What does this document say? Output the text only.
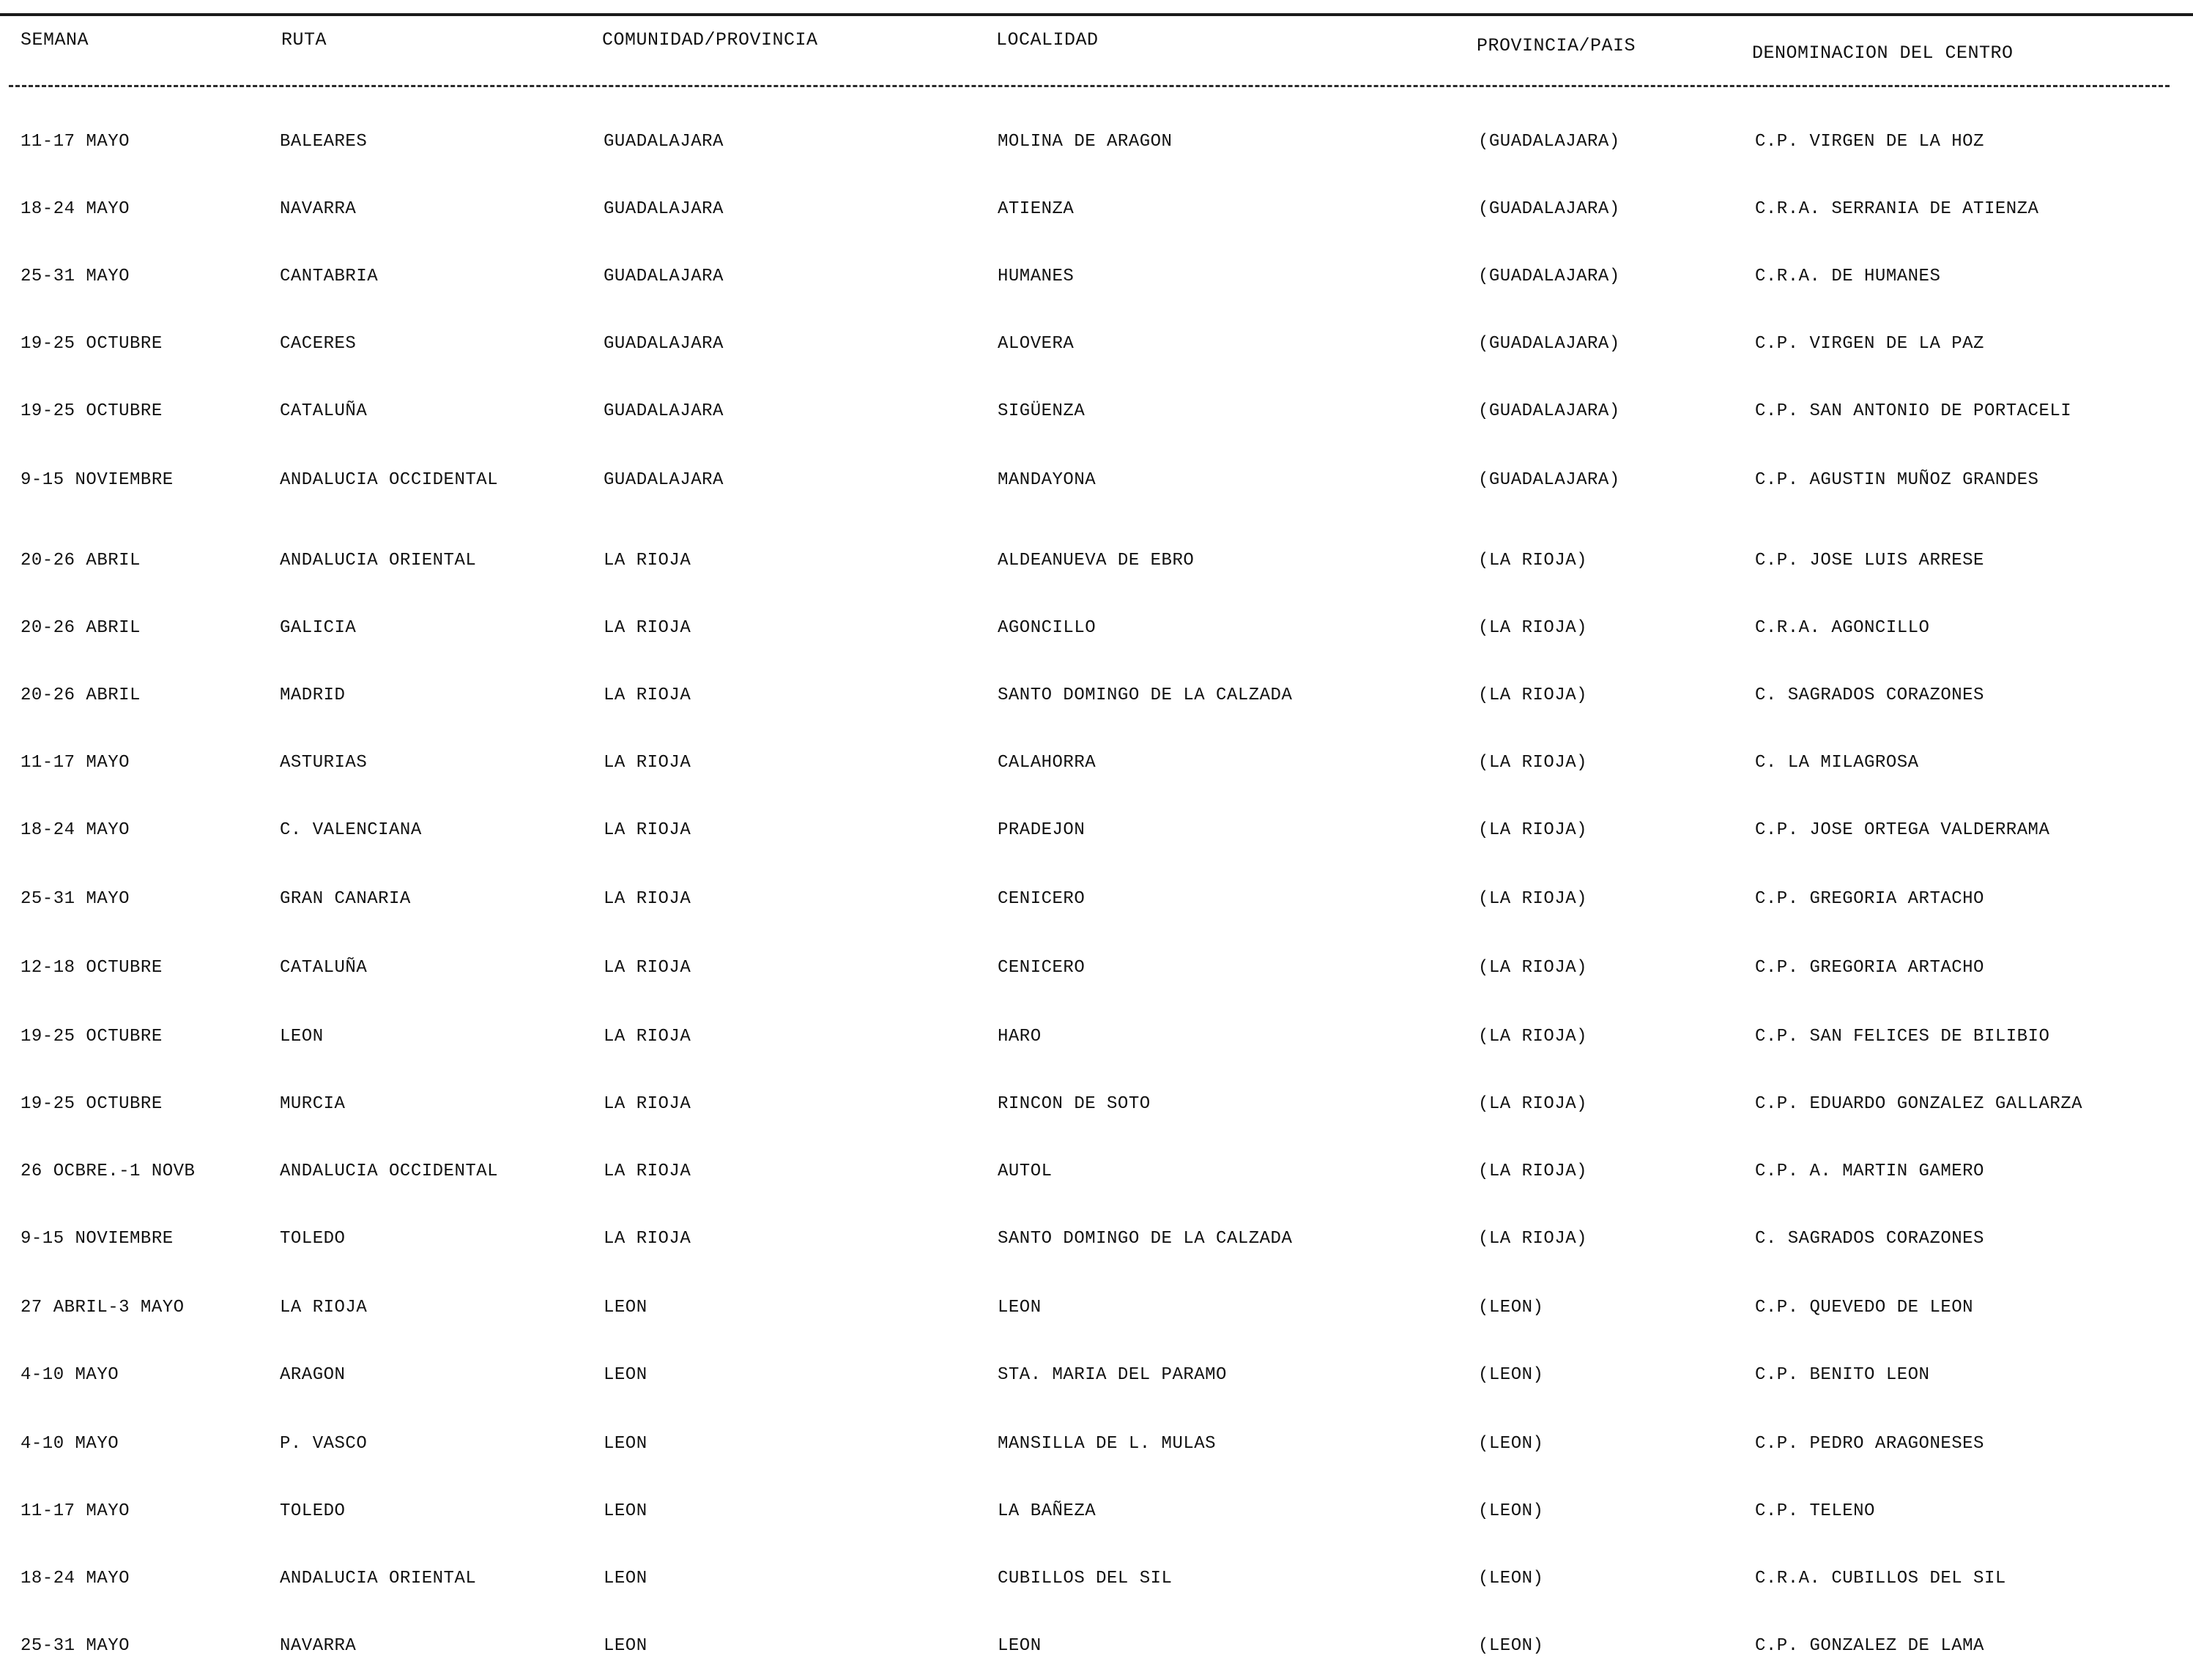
SEMANA	RUTA	COMUNIDAD/PROVINCIA	LOCALIDAD	PROVINCIA/PAIS	DENOMINACION DEL CENTRO
11-17 MAYO	BALEARES	GUADALAJARA	MOLINA DE ARAGON	(GUADALAJARA)	C.P. VIRGEN DE LA HOZ
18-24 MAYO	NAVARRA	GUADALAJARA	ATIENZA	(GUADALAJARA)	C.R.A. SERRANIA DE ATIENZA
25-31 MAYO	CANTABRIA	GUADALAJARA	HUMANES	(GUADALAJARA)	C.R.A. DE HUMANES
19-25 OCTUBRE	CACERES	GUADALAJARA	ALOVERA	(GUADALAJARA)	C.P. VIRGEN DE LA PAZ
19-25 OCTUBRE	CATALUÑA	GUADALAJARA	SIGÜENZA	(GUADALAJARA)	C.P. SAN ANTONIO DE PORTACELI
9-15 NOVIEMBRE	ANDALUCIA OCCIDENTAL	GUADALAJARA	MANDAYONA	(GUADALAJARA)	C.P. AGUSTIN MUÑOZ GRANDES
20-26 ABRIL	ANDALUCIA ORIENTAL	LA RIOJA	ALDEANUEVA DE EBRO	(LA RIOJA)	C.P. JOSE LUIS ARRESE
20-26 ABRIL	GALICIA	LA RIOJA	AGONCILLO	(LA RIOJA)	C.R.A. AGONCILLO
20-26 ABRIL	MADRID	LA RIOJA	SANTO DOMINGO DE LA CALZADA	(LA RIOJA)	C. SAGRADOS CORAZONES
11-17 MAYO	ASTURIAS	LA RIOJA	CALAHORRA	(LA RIOJA)	C. LA MILAGROSA
18-24 MAYO	C. VALENCIANA	LA RIOJA	PRADEJON	(LA RIOJA)	C.P. JOSE ORTEGA VALDERRAMA
25-31 MAYO	GRAN CANARIA	LA RIOJA	CENICERO	(LA RIOJA)	C.P. GREGORIA ARTACHO
12-18 OCTUBRE	CATALUÑA	LA RIOJA	CENICERO	(LA RIOJA)	C.P. GREGORIA ARTACHO
19-25 OCTUBRE	LEON	LA RIOJA	HARO	(LA RIOJA)	C.P. SAN FELICES DE BILIBIO
19-25 OCTUBRE	MURCIA	LA RIOJA	RINCON DE SOTO	(LA RIOJA)	C.P. EDUARDO GONZALEZ GALLARZA
26 OCBRE.-1 NOVB	ANDALUCIA OCCIDENTAL	LA RIOJA	AUTOL	(LA RIOJA)	C.P. A. MARTIN GAMERO
9-15 NOVIEMBRE	TOLEDO	LA RIOJA	SANTO DOMINGO DE LA CALZADA	(LA RIOJA)	C. SAGRADOS CORAZONES
27 ABRIL-3 MAYO	LA RIOJA	LEON	LEON	(LEON)	C.P. QUEVEDO DE LEON
4-10 MAYO	ARAGON	LEON	STA. MARIA DEL PARAMO	(LEON)	C.P. BENITO LEON
4-10 MAYO	P. VASCO	LEON	MANSILLA DE L. MULAS	(LEON)	C.P. PEDRO ARAGONESES
11-17 MAYO	TOLEDO	LEON	LA BAÑEZA	(LEON)	C.P. TELENO
18-24 MAYO	ANDALUCIA ORIENTAL	LEON	CUBILLOS DEL SIL	(LEON)	C.R.A. CUBILLOS DEL SIL
25-31 MAYO	NAVARRA	LEON	LEON	(LEON)	C.P. GONZALEZ DE LAMA
